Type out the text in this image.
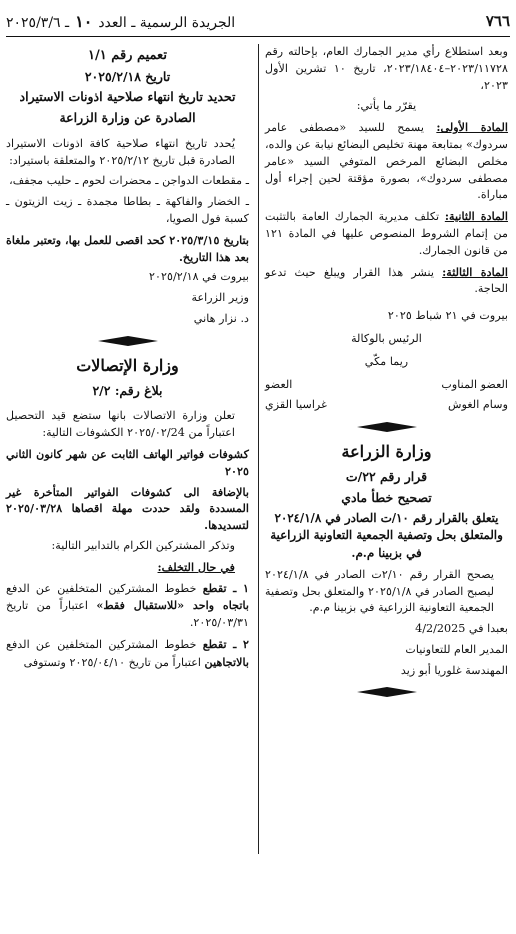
٧٦٦
الجريدة الرسمية ـ العدد
١٠
ـ ٢٠٢٥/٣/٦

وبعد استطلاع رأي مدير الجمارك العام، بإحالته رقم ٢٠٢٣/١١٧٢٨–٢٠٢٣/١٨٤٠٤، تاريخ ١٠ تشرين الأول ٢٠٢٣،

يقرّر ما يأتي:

المادة الأولى: يسمح للسيد «مصطفى عامر سردوك» بمتابعة مهنة تخليص البضائع نيابة عن والده، مخلص البضائع المرخص المتوفي السيد «عامر مصطفى سردوك»، بصورة مؤقتة لحين إجراء أول مباراة.

المادة الثانية: تكلف مديرية الجمارك العامة بالتثبت من إتمام الشروط المنصوص عليها في المادة ١٢١ من قانون الجمارك.

المادة الثالثة: ينشر هذا القرار ويبلغ حيث تدعو الحاجة.

بيروت في ٢١ شباط ٢٠٢٥

الرئيس بالوكالة

ريما مكّي

العضو المناوب
العضو
وسام الغوش
غراسيا القزي
وزارة الزراعة
قرار رقم ٢٢/ت
تصحيح خطأ مادي

يتعلق بالقرار رقم ١٠/ت الصادر في ٢٠٢٤/١/٨ والمتعلق بحل وتصفية الجمعية التعاونية الزراعية في بزبينا م.م.

يصحح القرار رقم ٢/١٠ت الصادر في ٢٠٢٤/١/٨ ليصبح الصادر في ٢٠٢٥/١/٨ والمتعلق بحل وتصفية الجمعية التعاونية الزراعية في بزبينا م.م.

بعبدا في 4/2/2025

المدير العام للتعاونيات

المهندسة غلوريا أبو زيد

تعميم رقم ١/١
تاريخ ٢٠٢٥/٢/١٨
تحديد تاريخ انتهاء صلاحية اذونات الاستيراد
الصادرة عن وزارة الزراعة

يُحدد تاريخ انتهاء صلاحية كافة اذونات الاستيراد الصادرة قبل تاريخ ٢٠٢٥/٢/١٢ والمتعلقة باستيراد:

ـ مقطعات الدواجن ـ محضرات لحوم ـ حليب مجفف،

ـ الخضار والفاكهة ـ بطاطا مجمدة ـ زيت الزيتون ـ كسبة فول الصويا،

بتاريخ ٢٠٢٥/٣/١٥ كحد اقصى للعمل بها، وتعتبر ملغاة بعد هذا التاريخ.

بيروت في ٢٠٢٥/٢/١٨

وزير الزراعة

د. نزار هاني

وزارة الإتصالات
بلاغ رقم: ٢/٢

تعلن وزارة الاتصالات بانها ستضع قيد التحصيل اعتباراً من ٢٠٢٥/٠٢/24 الكشوفات التالية:

كشوفات فواتير الهاتف الثابت عن شهر كانون الثاني ٢٠٢٥

بالإضافة الى كشوفات الفواتير المتأخرة غير المسددة ولقد حددت مهلة اقصاها ٢٠٢٥/٠٣/٢٨ لتسديدها.

وتذكر المشتركين الكرام بالتدابير التالية:

في حال التخلف:

١ ـ تقطع خطوط المشتركين المتخلفين عن الدفع باتجاه واحد «للاستقبال فقط» اعتباراً من تاريخ ٢٠٢٥/٠٣/٣١.

٢ ـ تقطع خطوط المشتركين المتخلفين عن الدفع بالاتجاهين اعتباراً من تاريخ ٢٠٢٥/٠٤/١٠ وتستوفى
